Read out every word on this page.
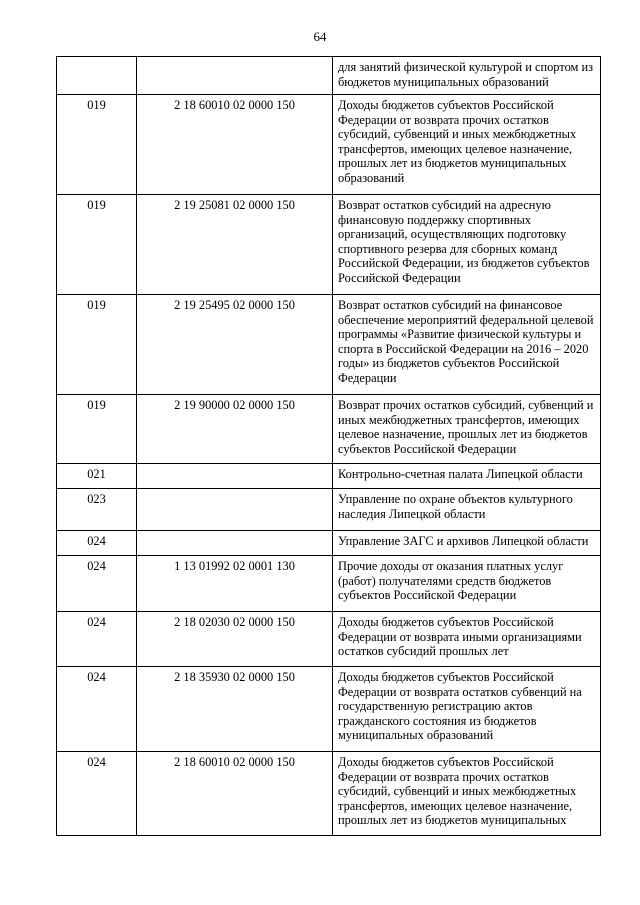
64
		для занятий физической культурой и спортом из бюджетов муниципальных образований
019	2 18 60010 02 0000 150	Доходы бюджетов субъектов Российской Федерации от возврата прочих остатков субсидий, субвенций и иных межбюджетных трансфертов, имеющих целевое назначение, прошлых лет из бюджетов муниципальных образований
019	2 19 25081 02 0000 150	Возврат остатков субсидий на адресную финансовую поддержку спортивных организаций, осуществляющих подготовку спортивного резерва для сборных команд Российской Федерации, из бюджетов субъектов Российской Федерации
019	2 19 25495 02 0000 150	Возврат остатков субсидий на финансовое обеспечение мероприятий федеральной целевой программы «Развитие физической культуры и спорта в Российской Федерации на 2016 – 2020 годы» из бюджетов субъектов Российской Федерации
019	2 19 90000 02 0000 150	Возврат прочих остатков субсидий, субвенций и иных межбюджетных трансфертов, имеющих целевое назначение, прошлых лет из бюджетов субъектов Российской Федерации
021		Контрольно-счетная палата Липецкой области
023		Управление по охране объектов культурного наследия Липецкой области
024		Управление ЗАГС и архивов Липецкой области
024	1 13 01992 02 0001 130	Прочие доходы от оказания платных услуг (работ) получателями средств бюджетов субъектов Российской Федерации
024	2 18 02030 02 0000 150	Доходы бюджетов субъектов Российской Федерации от возврата иными организациями остатков субсидий прошлых лет
024	2 18 35930 02 0000 150	Доходы бюджетов субъектов Российской Федерации от возврата остатков субвенций на государственную регистрацию актов гражданского состояния из бюджетов муниципальных образований
024	2 18 60010 02 0000 150	Доходы бюджетов субъектов Российской Федерации от возврата прочих остатков субсидий, субвенций и иных межбюджетных трансфертов, имеющих целевое назначение, прошлых лет из бюджетов муниципальных
